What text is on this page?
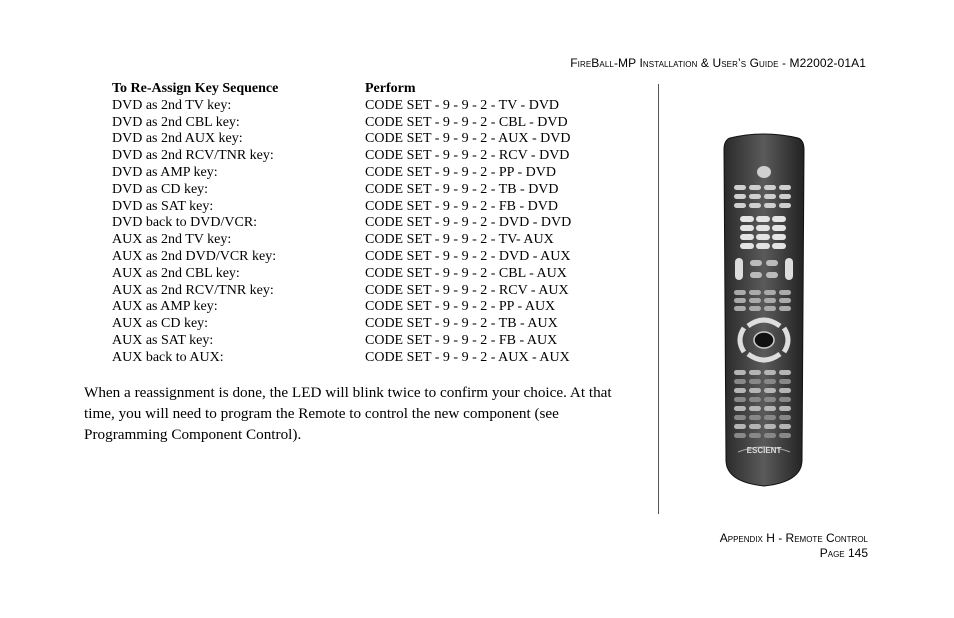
FireBall-MP Installation & User’s Guide - M22002-01A1
To Re-Assign Key Sequence	Perform
DVD as 2nd TV key:	CODE SET - 9 - 9 - 2 - TV - DVD
DVD as 2nd CBL key:	CODE SET - 9 - 9 - 2 - CBL - DVD
DVD as 2nd AUX key:	CODE SET - 9 - 9 - 2 - AUX - DVD
DVD as 2nd RCV/TNR key:	CODE SET - 9 - 9 - 2 - RCV - DVD
DVD as AMP key:	CODE SET - 9 - 9 - 2 - PP - DVD
DVD as CD key:	CODE SET - 9 - 9 - 2 - TB - DVD
DVD as SAT key:	CODE SET - 9 - 9 - 2 - FB - DVD
DVD back to DVD/VCR:	CODE SET - 9 - 9 - 2 - DVD - DVD
AUX as 2nd TV key:	CODE SET - 9 - 9 - 2 - TV- AUX
AUX as 2nd DVD/VCR key:	CODE SET - 9 - 9 - 2 - DVD - AUX
AUX as 2nd CBL key:	CODE SET - 9 - 9 - 2 - CBL - AUX
AUX as 2nd RCV/TNR key:	CODE SET - 9 - 9 - 2 - RCV - AUX
AUX as AMP key:	CODE SET - 9 - 9 - 2 - PP - AUX
AUX as CD key:	CODE SET - 9 - 9 - 2 - TB - AUX
AUX as SAT key:	CODE SET - 9 - 9 - 2 - FB - AUX
AUX back to AUX:	CODE SET - 9 - 9 - 2 - AUX - AUX
When a reassignment is done, the LED will blink twice to confirm your choice. At that time, you will need to program the Remote to control the new component (see Programming Component Control).
ESCIENT
Appendix H - Remote Control
Page 145
